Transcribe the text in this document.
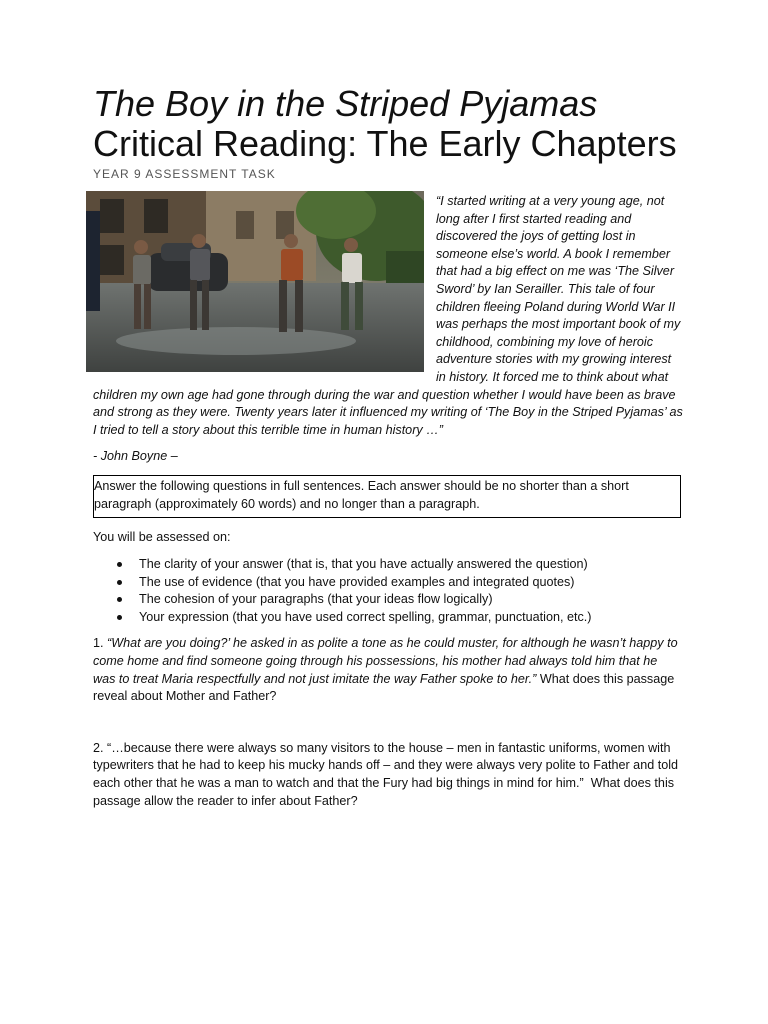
The Boy in the Striped Pyjamas
Critical Reading: The Early Chapters
YEAR 9 ASSESSMENT TASK
“I started writing at a very young age, not long after I first started reading and discovered the joys of getting lost in someone else’s world. A book I remember that had a big effect on me was ‘The Silver Sword’ by Ian Serailler. This tale of four children fleeing Poland during World War II was perhaps the most important book of my childhood, combining my love of heroic adventure stories with my growing interest in history. It forced me to think about what children my own age had gone through during the war and question whether I would have been as brave and strong as they were. Twenty years later it influenced my writing of ‘The Boy in the Striped Pyjamas’ as I tried to tell a story about this terrible time in human history …”
- John Boyne –
Answer the following questions in full sentences. Each answer should be no shorter than a short paragraph (approximately 60 words) and no longer than a paragraph.
You will be assessed on:
The clarity of your answer (that is, that you have actually answered the question)
The use of evidence (that you have provided examples and integrated quotes)
The cohesion of your paragraphs (that your ideas flow logically)
Your expression (that you have used correct spelling, grammar, punctuation, etc.)
1. “What are you doing?’ he asked in as polite a tone as he could muster, for although he wasn’t happy to come home and find someone going through his possessions, his mother had always told him that he was to treat Maria respectfully and not just imitate the way Father spoke to her.” What does this passage reveal about Mother and Father?
2. “…because there were always so many visitors to the house – men in fantastic uniforms, women with typewriters that he had to keep his mucky hands off – and they were always very polite to Father and told each other that he was a man to watch and that the Fury had big things in mind for him.” What does this passage allow the reader to infer about Father?
